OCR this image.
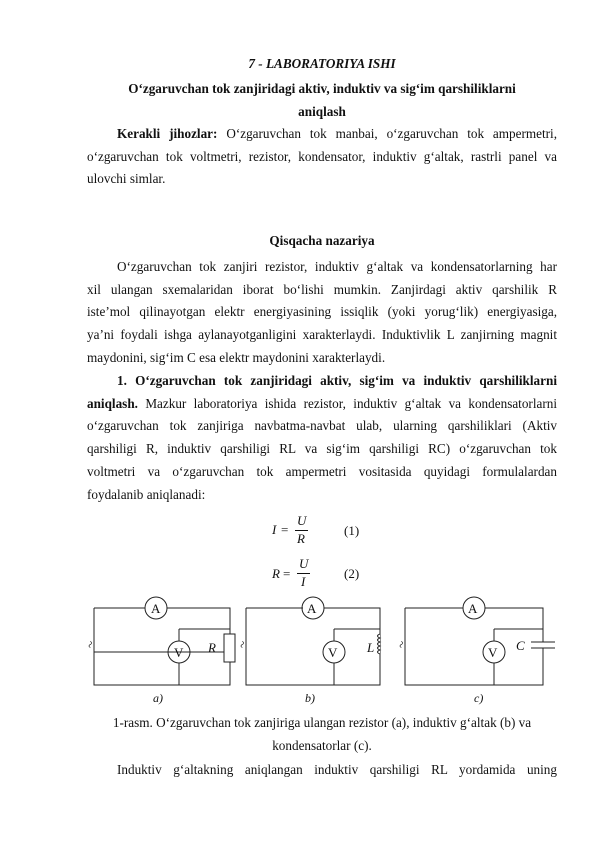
7 - LABORATORIYA ISHI
O‘zgaruvchan tok zanjiridagi aktiv, induktiv va sig‘im qarshiliklarni
aniqlash
Kerakli jihozlar: O‘zgaruvchan tok manbai, o‘zgaruvchan tok ampermetri,
o‘zgaruvchan tok voltmetri, rezistor, kondensator, induktiv g‘altak, rastrli panel va
ulovchi simlar.
Qisqacha nazariya
O‘zgaruvchan tok zanjiri rezistor, induktiv g‘altak va kondensatorlarning har
xil ulangan sxemalaridan iborat bo‘lishi mumkin. Zanjirdagi aktiv qarshilik R
iste’mol qilinayotgan elektr energiyasining issiqlik (yoki yorug‘lik) energiyasiga,
ya’ni foydali ishga aylanayotganligini xarakterlaydi. Induktivlik L zanjirning magnit
maydonini, sig‘im C esa elektr maydonini xarakterlaydi.
1. O‘zgaruvchan tok zanjiridagi aktiv, sig‘im va induktiv qarshiliklarni
aniqlash. Mazkur laboratoriya ishida rezistor, induktiv g‘altak va kondensatorlarni
o‘zgaruvchan tok zanjiriga navbatma-navbat ulab, ularning qarshiliklari (Aktiv
qarshiligi R, induktiv qarshiligi RL va sig‘im qarshiligi RC) o‘zgaruvchan tok
voltmetri va o‘zgaruvchan tok ampermetri vositasida quyidagi formulalardan
foydalanib aniqlanadi:
I =
U
R
(1)
R =
U
I
(2)
A
V
A
V
A
V
R	L	C
~	~	~
a)	b)	c)
1-rasm. O‘zgaruvchan tok zanjiriga ulangan rezistor (a), induktiv g‘altak (b) va
kondensatorlar (c).
Induktiv g‘altakning aniqlangan induktiv qarshiligi RL yordamida uning
